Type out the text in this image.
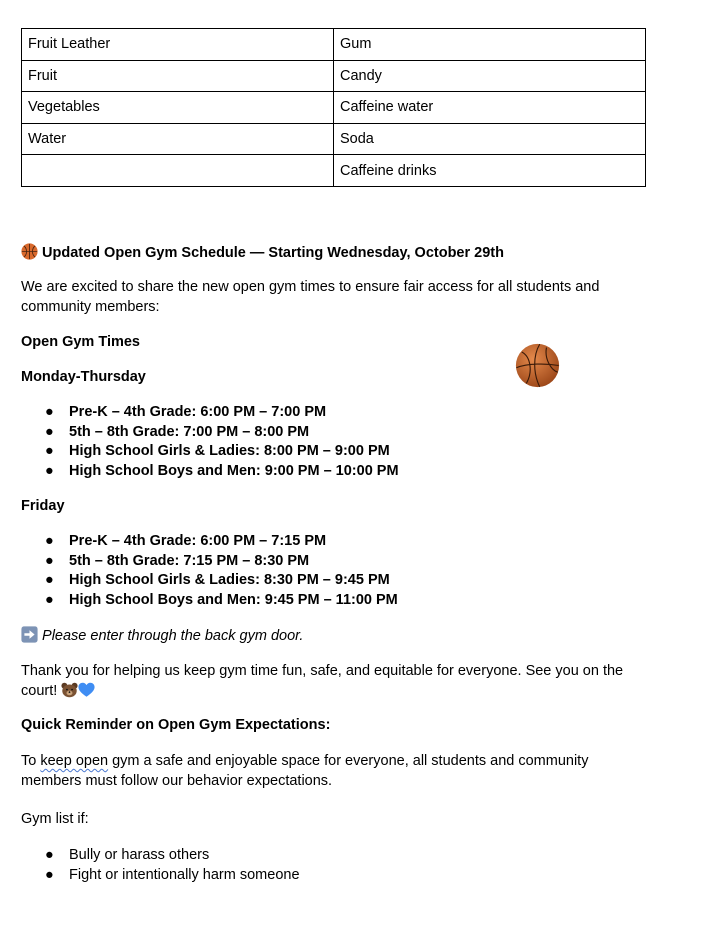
Fruit Leather	Gum
Fruit	Candy
Vegetables	Caffeine water
Water	Soda
	Caffeine drinks

Updated Open Gym Schedule — Starting Wednesday, October 29th

We are excited to share the new open gym times to ensure fair access for all students and community members:

Open Gym Times

Monday-Thursday

● Pre-K – 4th Grade: 6:00 PM – 7:00 PM
● 5th – 8th Grade: 7:00 PM – 8:00 PM
● High School Girls & Ladies: 8:00 PM – 9:00 PM
● High School Boys and Men: 9:00 PM – 10:00 PM

Friday

● Pre-K – 4th Grade: 6:00 PM – 7:15 PM
● 5th – 8th Grade: 7:15 PM – 8:30 PM
● High School Girls & Ladies: 8:30 PM – 9:45 PM
● High School Boys and Men: 9:45 PM – 11:00 PM

Please enter through the back gym door.

Thank you for helping us keep gym time fun, safe, and equitable for everyone. See you on the court!

Quick Reminder on Open Gym Expectations:

To keep open gym a safe and enjoyable space for everyone, all students and community members must follow our behavior expectations.

Gym list if:

● Bully or harass others
● Fight or intentionally harm someone
